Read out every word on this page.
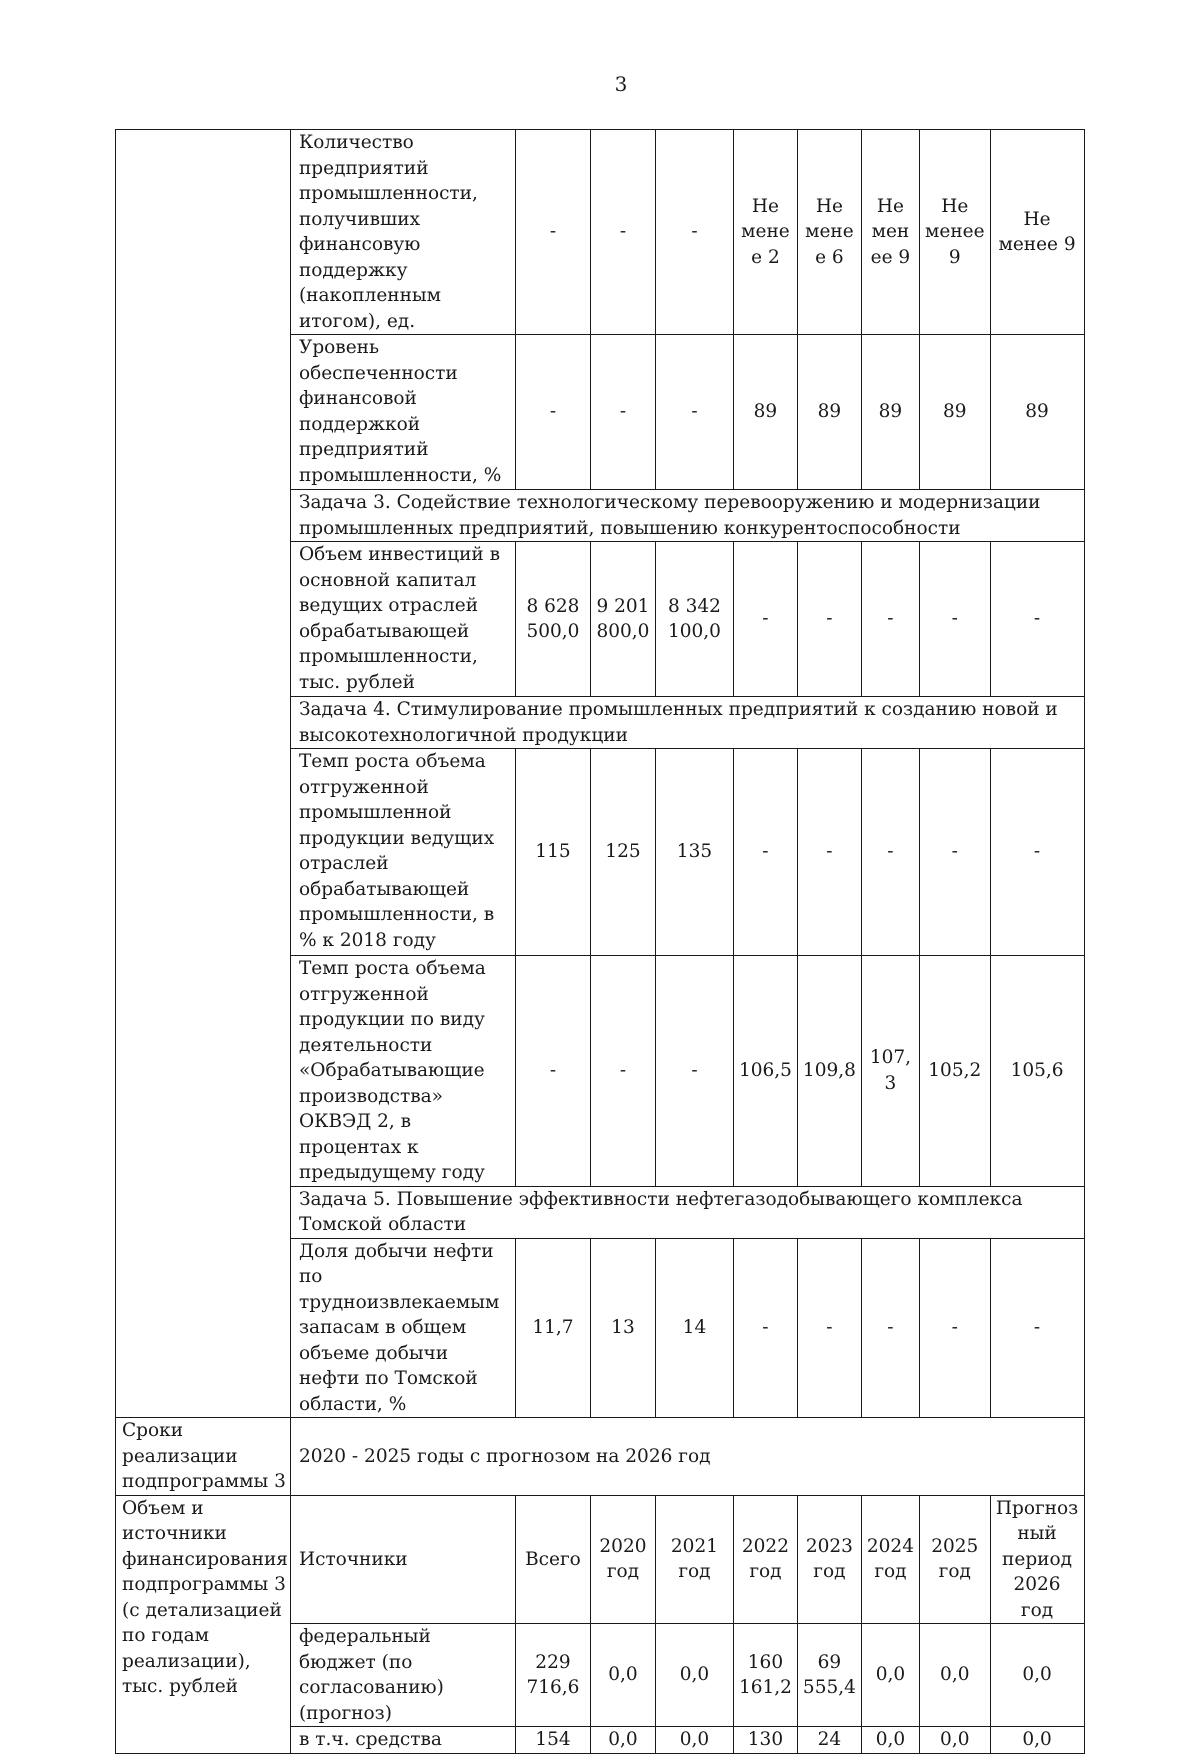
3
	Количество предприятий промышленности, получивших финансовую поддержку (накопленным итогом), ед.	-	-	-	Не мене е 2	Не мене е 6	Не мен ее 9	Не менее 9	Не менее 9
	Уровень обеспеченности финансовой поддержкой предприятий промышленности, %	-	-	-	89	89	89	89	89
	Задача 3. Содействие технологическому перевооружению и модернизации промышленных предприятий, повышению конкурентоспособности								
	Объем инвестиций в основной капитал ведущих отраслей обрабатывающей промышленности, тыс. рублей	8 628 500,0	9 201 800,0	8 342 100,0	-	-	-	-	-
	Задача 4. Стимулирование промышленных предприятий к созданию новой и высокотехнологичной продукции								
	Темп роста объема отгруженной промышленной продукции ведущих отраслей обрабатывающей промышленности, в % к 2018 году	115	125	135	-	-	-	-	-
	Темп роста объема отгруженной продукции по виду деятельности «Обрабатывающие производства» ОКВЭД 2, в процентах к предыдущему году	-	-	-	106,5	109,8	107, 3	105,2	105,6
	Задача 5. Повышение эффективности нефтегазодобывающего комплекса Томской области								
	Доля добычи нефти по трудноизвлекаемым запасам в общем объеме добычи нефти по Томской области, %	11,7	13	14	-	-	-	-	-

Сроки реализации подпрограммы 3	2020 - 2025 годы с прогнозом на 2026 год								
Объем и источники финансирования подпрограммы 3 (с детализацией по годам реализации), тыс. рублей	Источники	Всего	2020 год	2021 год	2022 год	2023 год	2024 год	2025 год	Прогноз ный период 2026 год
	федеральный бюджет (по согласованию) (прогноз)	229 716,6	0,0	0,0	160 161,2	69 555,4	0,0	0,0	0,0
	в т.ч. средства	154	0,0	0,0	130	24	0,0	0,0	0,0
